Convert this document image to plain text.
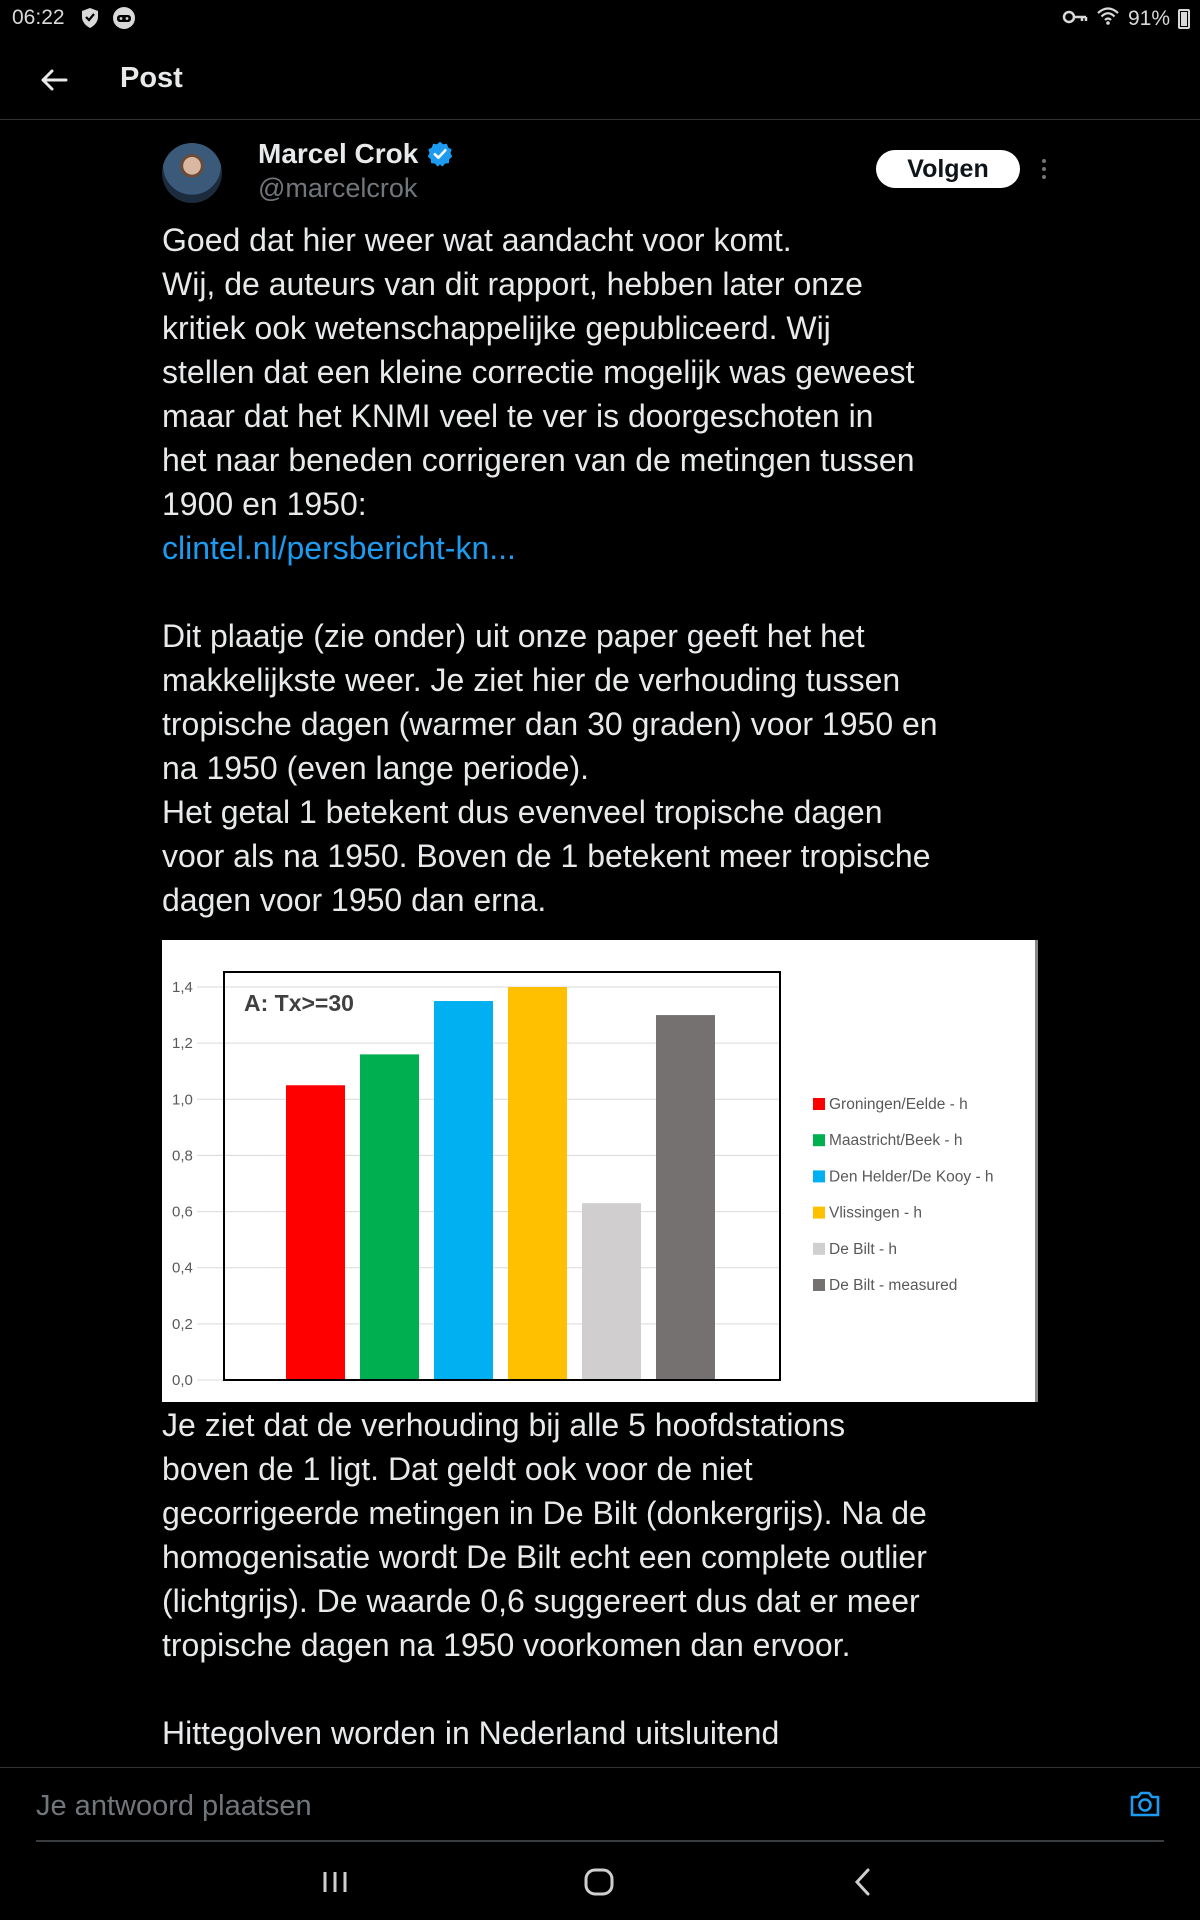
06:22	91%
Post
Marcel Crok
@marcelcrok
Volgen
Goed dat hier weer wat aandacht voor komt.
Wij, de auteurs van dit rapport, hebben later onze
kritiek ook wetenschappelijke gepubliceerd. Wij
stellen dat een kleine correctie mogelijk was geweest
maar dat het KNMI veel te ver is doorgeschoten in
het naar beneden corrigeren van de metingen tussen
1900 en 1950:
clintel.nl/persbericht-kn...
Dit plaatje (zie onder) uit onze paper geeft het het
makkelijkste weer. Je ziet hier de verhouding tussen
tropische dagen (warmer dan 30 graden) voor 1950 en
na 1950 (even lange periode).
Het getal 1 betekent dus evenveel tropische dagen
voor als na 1950. Boven de 1 betekent meer tropische
dagen voor 1950 dan erna.
0,0
0,2
0,4
0,6
0,8
1,0
1,2
1,4
A: Tx>=30
Groningen/Eelde - h
Maastricht/Beek - h
Den Helder/De Kooy - h
Vlissingen - h
De Bilt - h
De Bilt - measured
Je ziet dat de verhouding bij alle 5 hoofdstations
boven de 1 ligt. Dat geldt ook voor de niet
gecorrigeerde metingen in De Bilt (donkergrijs). Na de
homogenisatie wordt De Bilt echt een complete outlier
(lichtgrijs). De waarde 0,6 suggereert dus dat er meer
tropische dagen na 1950 voorkomen dan ervoor.
Hittegolven worden in Nederland uitsluitend
Je antwoord plaatsen
